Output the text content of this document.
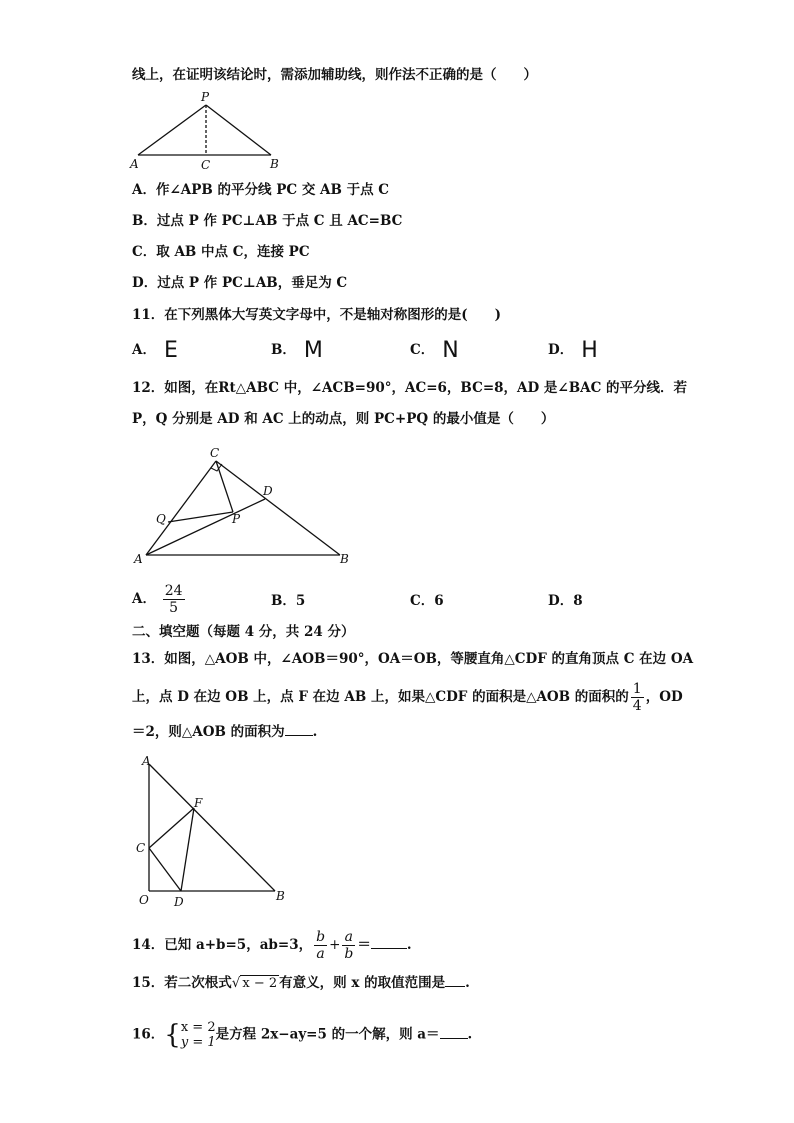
线上，在证明该结论时，需添加辅助线，则作法不正确的是（　　）
P
A	C	B
A．作∠APB 的平分线 PC 交 AB 于点 C
B．过点 P 作 PC⊥AB 于点 C 且 AC=BC
C．取 AB 中点 C，连接 PC
D．过点 P 作 PC⊥AB，垂足为 C
11．在下列黑体大写英文字母中，不是轴对称图形的是(　　)
A． E	B． M	C． N	D． H
12．如图，在Rt△ABC 中，∠ACB=90°，AC=6，BC=8，AD 是∠BAC 的平分线．若
P，Q 分别是 AD 和 AC 上的动点，则 PC+PQ 的最小值是（　　）
C
D
Q	P
A	B
A． $\frac{24}{5}$	B．5	C．6	D．8
二、填空题（每题 4 分，共 24 分）
13．如图，△AOB 中，∠AOB＝90°，OA＝OB，等腰直角△CDF 的直角顶点 C 在边 OA
上，点 D 在边 OB 上，点 F 在边 AB 上，如果△CDF 的面积是△AOB 的面积的 $\frac{1}{4}$ ，OD
＝2，则△AOB 的面积为 .
A
F
C
O D	B
14．已知 a+b=5，ab=3， $\frac{b}{a} + \frac{a}{b}$ ＝	.
15．若二次根式√ x − 2 有意义，则 x 的取值范围是 .
16．{ x = 2
y = 1 是方程 2x−ay=5 的一个解，则 a＝ .
